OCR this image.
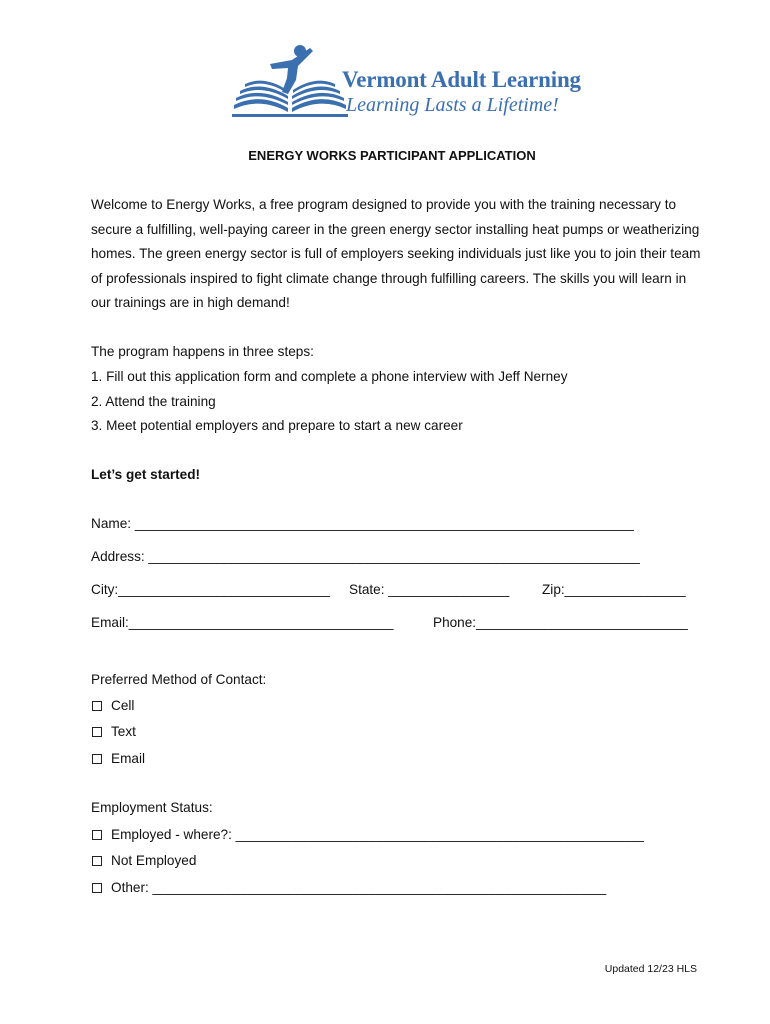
Vermont Adult Learning
Learning Lasts a Lifetime!
ENERGY WORKS PARTICIPANT APPLICATION
Welcome to Energy Works, a free program designed to provide you with the training necessary to secure a fulfilling, well-paying career in the green energy sector installing heat pumps or weatherizing homes. The green energy sector is full of employers seeking individuals just like you to join their team of professionals inspired to fight climate change through fulfilling careers. The skills you will learn in our trainings are in high demand!
The program happens in three steps:
1. Fill out this application form and complete a phone interview with Jeff Nerney
2. Attend the training
3. Meet potential employers and prepare to start a new career
Let’s get started!
Name: __________________________________________________________________
Address: _________________________________________________________________
City:____________________________ State: ________________ Zip:________________
Email:___________________________________	Phone:____________________________
Preferred Method of Contact:
Cell
Text
Email
Employment Status:
Employed - where?: ______________________________________________________
Not Employed
Other: ____________________________________________________________
Updated 12/23 HLS
